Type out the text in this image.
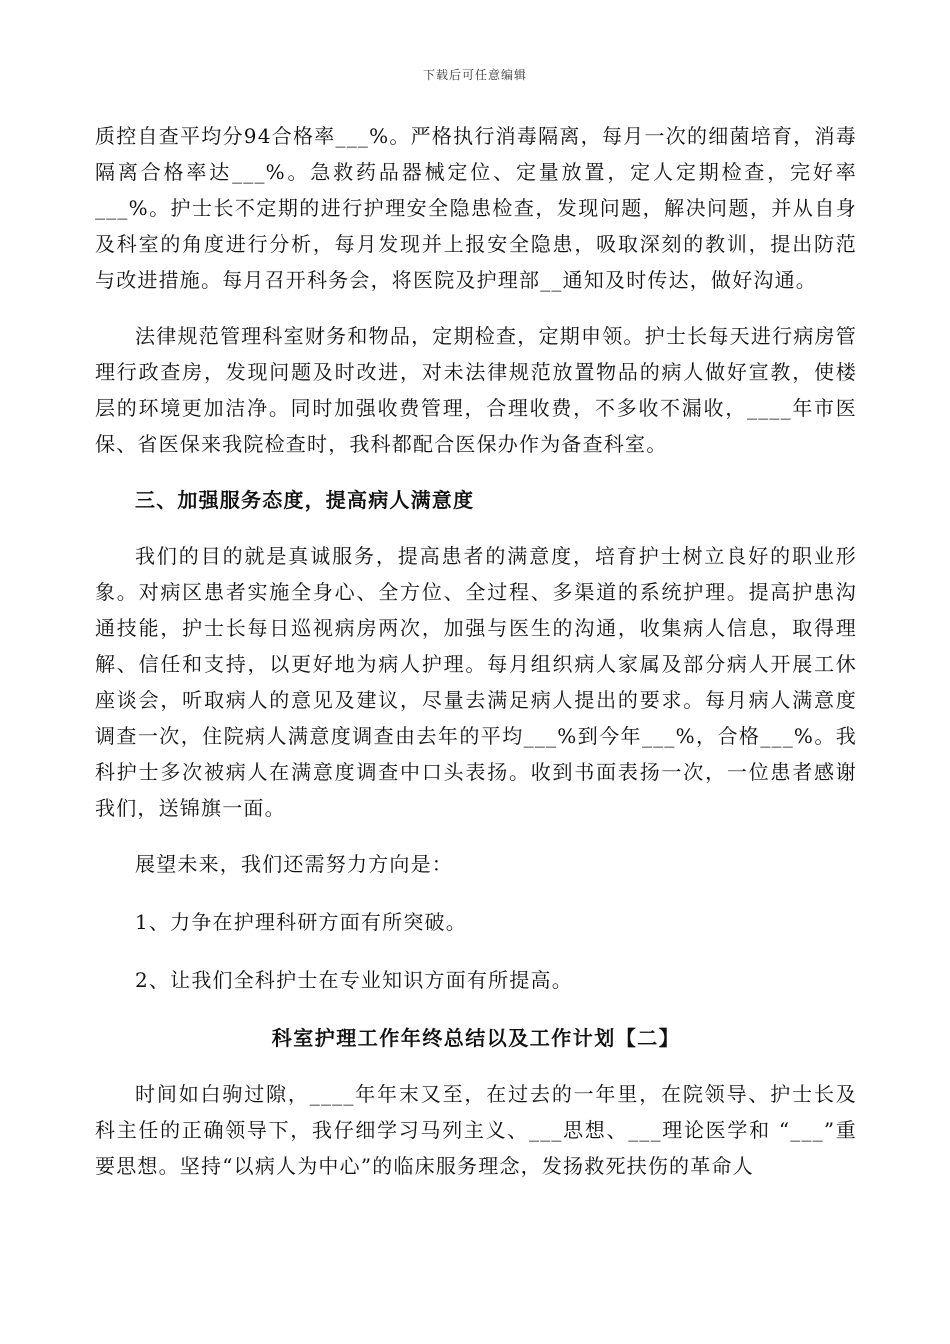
下载后可任意编辑

质控自查平均分94合格率___%。严格执行消毒隔离，每月一次的细菌培育，消毒隔离合格率达___%。急救药品器械定位、定量放置，定人定期检查，完好率___%。护士长不定期的进行护理安全隐患检查，发现问题，解决问题，并从自身及科室的角度进行分析，每月发现并上报安全隐患，吸取深刻的教训，提出防范与改进措施。每月召开科务会，将医院及护理部__通知及时传达，做好沟通。

法律规范管理科室财务和物品，定期检查，定期申领。护士长每天进行病房管理行政查房，发现问题及时改进，对未法律规范放置物品的病人做好宣教，使楼层的环境更加洁净。同时加强收费管理，合理收费，不多收不漏收，____年市医保、省医保来我院检查时，我科都配合医保办作为备查科室。

三、加强服务态度，提高病人满意度

我们的目的就是真诚服务，提高患者的满意度，培育护士树立良好的职业形象。对病区患者实施全身心、全方位、全过程、多渠道的系统护理。提高护患沟通技能，护士长每日巡视病房两次，加强与医生的沟通，收集病人信息，取得理解、信任和支持，以更好地为病人护理。每月组织病人家属及部分病人开展工休座谈会，听取病人的意见及建议，尽量去满足病人提出的要求。每月病人满意度调查一次，住院病人满意度调查由去年的平均___%到今年___%，合格___%。我科护士多次被病人在满意度调查中口头表扬。收到书面表扬一次，一位患者感谢我们，送锦旗一面。

展望未来，我们还需努力方向是：
1、力争在护理科研方面有所突破。
2、让我们全科护士在专业知识方面有所提高。
科室护理工作年终总结以及工作计划【二】

时间如白驹过隙，____年年末又至，在过去的一年里，在院领导、护士长及科主任的正确领导下，我仔细学习马列主义、___思想、___理论医学和 “___”重要思想。坚持“以病人为中心”的临床服务理念，发扬救死扶伤的革命人
